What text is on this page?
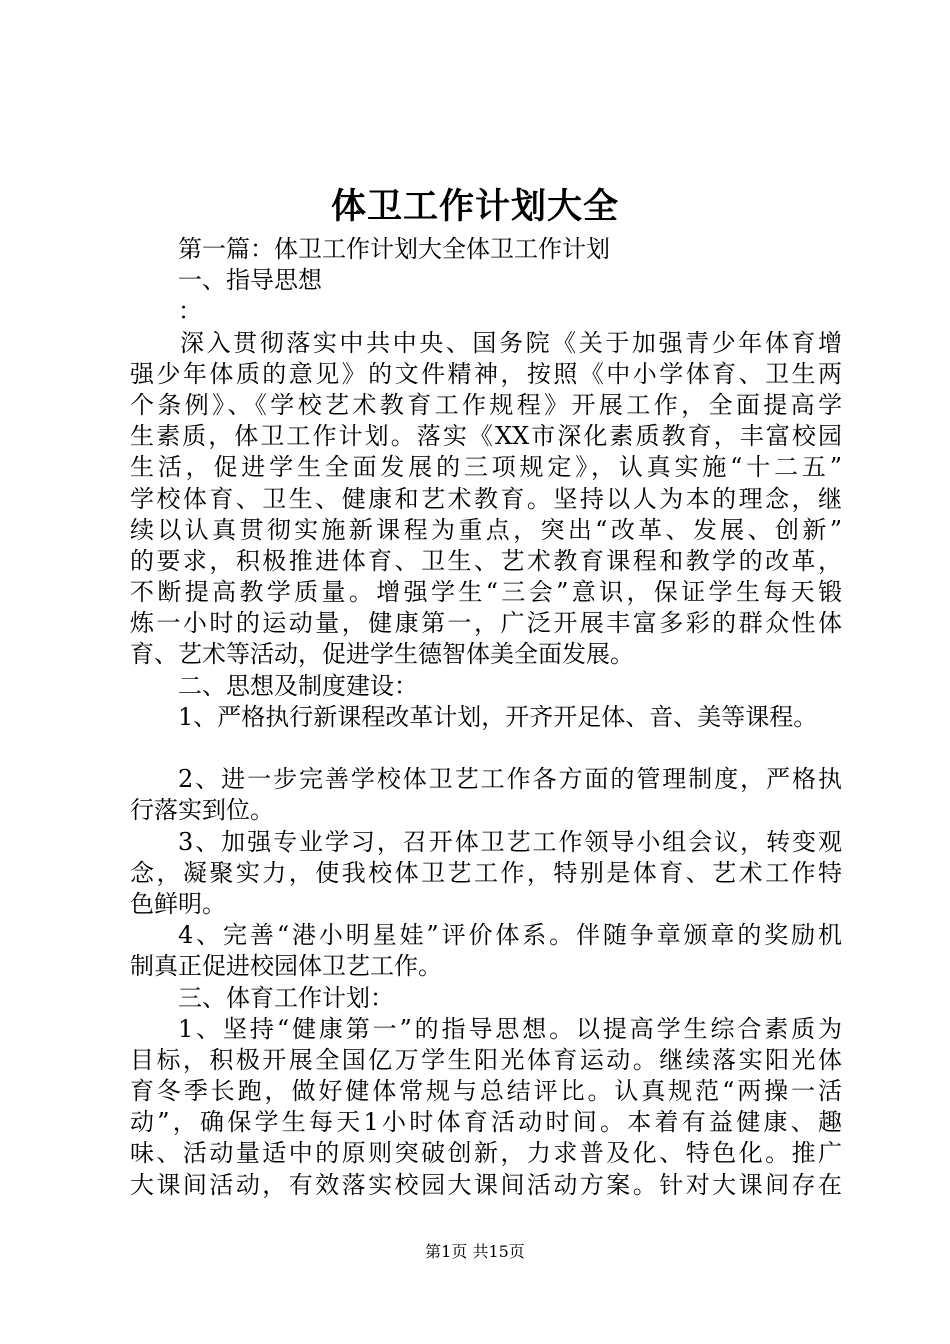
体卫工作计划大全
第一篇：体卫工作计划大全体卫工作计划
一、指导思想
：
深入贯彻落实中共中央、国务院《关于加强青少年体育增
强少年体质的意见》的文件精神，按照《中小学体育、卫生两
个条例》、《学校艺术教育工作规程》开展工作，全面提高学
生素质，体卫工作计划。落实《XX市深化素质教育，丰富校园
生活，促进学生全面发展的三项规定》，认真实施“十二五”
学校体育、卫生、健康和艺术教育。坚持以人为本的理念，继
续以认真贯彻实施新课程为重点，突出“改革、发展、创新”
的要求，积极推进体育、卫生、艺术教育课程和教学的改革，
不断提高教学质量。增强学生“三会”意识，保证学生每天锻
炼一小时的运动量，健康第一，广泛开展丰富多彩的群众性体
育、艺术等活动，促进学生德智体美全面发展。
二、思想及制度建设：
1、严格执行新课程改革计划，开齐开足体、音、美等课程。
2、进一步完善学校体卫艺工作各方面的管理制度，严格执
行落实到位。
3、加强专业学习，召开体卫艺工作领导小组会议，转变观
念，凝聚实力，使我校体卫艺工作，特别是体育、艺术工作特
色鲜明。
4、完善“港小明星娃”评价体系。伴随争章颁章的奖励机
制真正促进校园体卫艺工作。
三、体育工作计划：
1、坚持“健康第一”的指导思想。以提高学生综合素质为
目标，积极开展全国亿万学生阳光体育运动。继续落实阳光体
育冬季长跑，做好健体常规与总结评比。认真规范“两操一活
动”，确保学生每天1小时体育活动时间。本着有益健康、趣
味、活动量适中的原则突破创新，力求普及化、特色化。推广
大课间活动，有效落实校园大课间活动方案。针对大课间存在
第1页 共15页
